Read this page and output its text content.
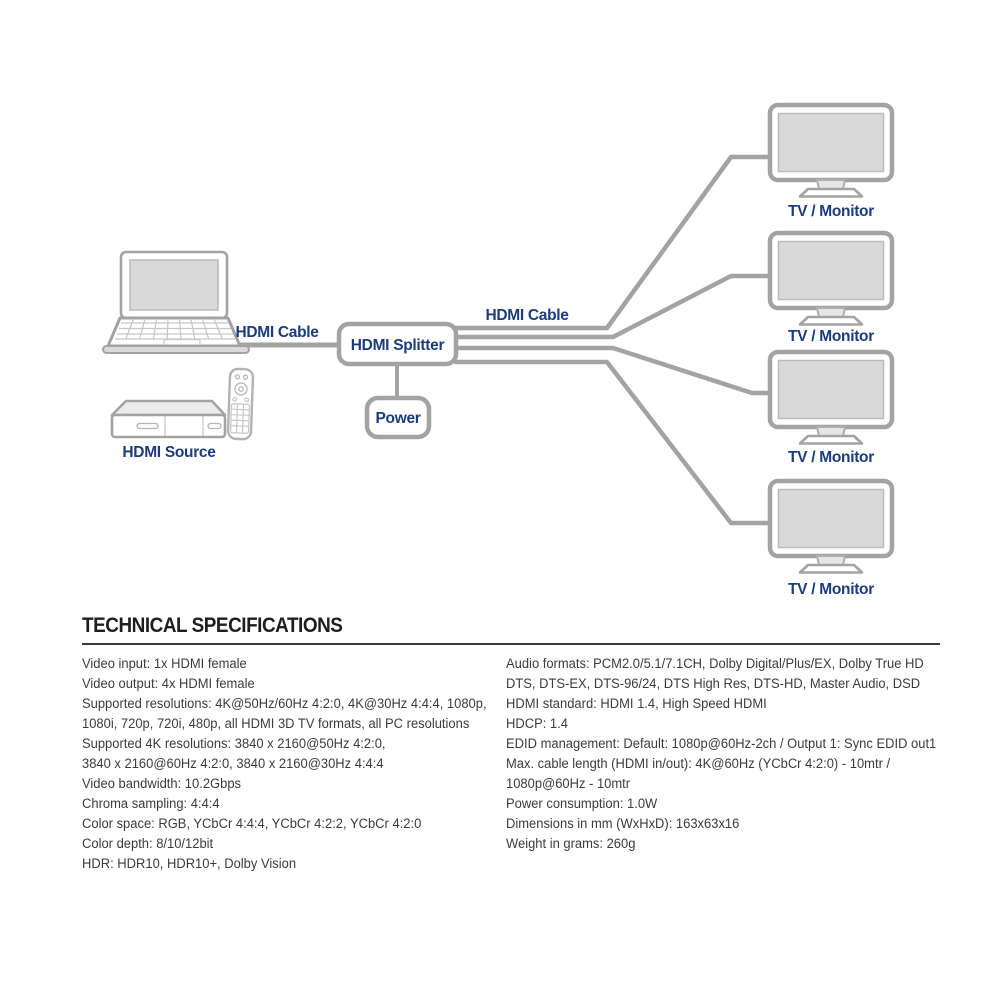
HDMI Splitter
Power
HDMI Cable
HDMI Cable
HDMI Source
TV / Monitor
TV / Monitor
TV / Monitor
TV / Monitor
TECHNICAL SPECIFICATIONS
Video input: 1x HDMI female
Video output: 4x HDMI female
Supported resolutions: 4K@50Hz/60Hz 4:2:0, 4K@30Hz 4:4:4, 1080p,
1080i, 720p, 720i, 480p, all HDMI 3D TV formats, all PC resolutions
Supported 4K resolutions: 3840 x 2160@50Hz 4:2:0,
3840 x 2160@60Hz 4:2:0, 3840 x 2160@30Hz 4:4:4
Video bandwidth: 10.2Gbps
Chroma sampling: 4:4:4
Color space: RGB, YCbCr 4:4:4, YCbCr 4:2:2, YCbCr 4:2:0
Color depth: 8/10/12bit
HDR: HDR10, HDR10+, Dolby Vision
Audio formats: PCM2.0/5.1/7.1CH, Dolby Digital/Plus/EX, Dolby True HD
DTS, DTS-EX, DTS-96/24, DTS High Res, DTS-HD, Master Audio, DSD
HDMI standard: HDMI 1.4, High Speed HDMI
HDCP: 1.4
EDID management: Default: 1080p@60Hz-2ch / Output 1: Sync EDID out1
Max. cable length (HDMI in/out): 4K@60Hz (YCbCr 4:2:0) - 10mtr /
1080p@60Hz - 10mtr
Power consumption: 1.0W
Dimensions in mm (WxHxD): 163x63x16
Weight in grams: 260g
